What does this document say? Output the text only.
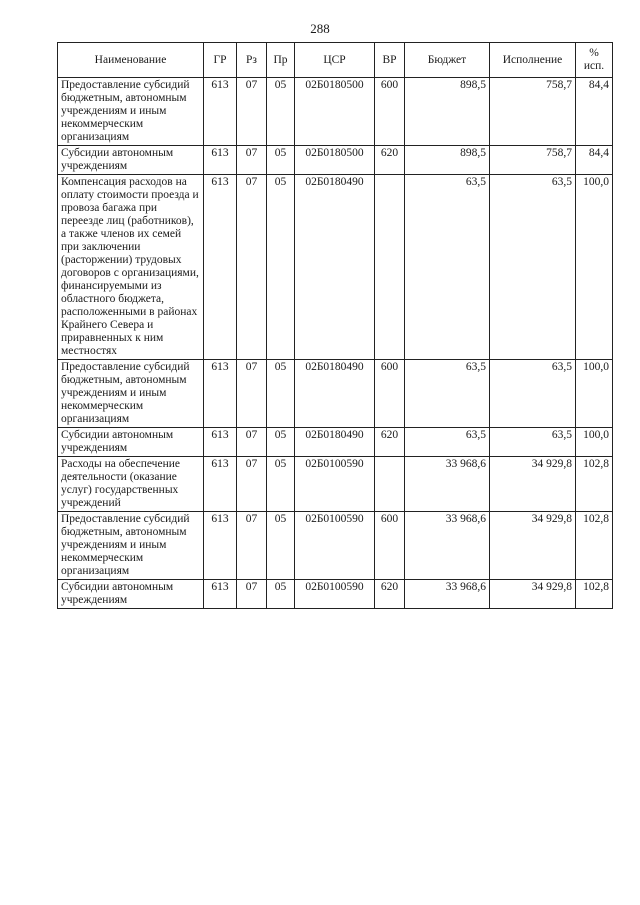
288
Наименование	ГР	Рз	Пр	ЦСР	ВР	Бюджет	Исполнение	%
исп.
Предоставление субсидий бюджетным, автономным учреждениям и иным некоммерческим организациям	613	07	05	02Б0180500	600	898,5	758,7	84,4
Субсидии автономным учреждениям	613	07	05	02Б0180500	620	898,5	758,7	84,4
Компенсация расходов на оплату стоимости проезда и провоза багажа при переезде лиц (работников), а также членов их семей при заключении (расторжении) трудовых договоров с организациями, финансируемыми из областного бюджета, расположенными в районах Крайнего Севера и приравненных к ним местностях	613	07	05	02Б0180490		63,5	63,5	100,0
Предоставление субсидий бюджетным, автономным учреждениям и иным некоммерческим организациям	613	07	05	02Б0180490	600	63,5	63,5	100,0
Субсидии автономным учреждениям	613	07	05	02Б0180490	620	63,5	63,5	100,0
Расходы на обеспечение деятельности (оказание услуг) государственных учреждений	613	07	05	02Б0100590		33 968,6	34 929,8	102,8
Предоставление субсидий бюджетным, автономным учреждениям и иным некоммерческим организациям	613	07	05	02Б0100590	600	33 968,6	34 929,8	102,8
Субсидии автономным учреждениям	613	07	05	02Б0100590	620	33 968,6	34 929,8	102,8
